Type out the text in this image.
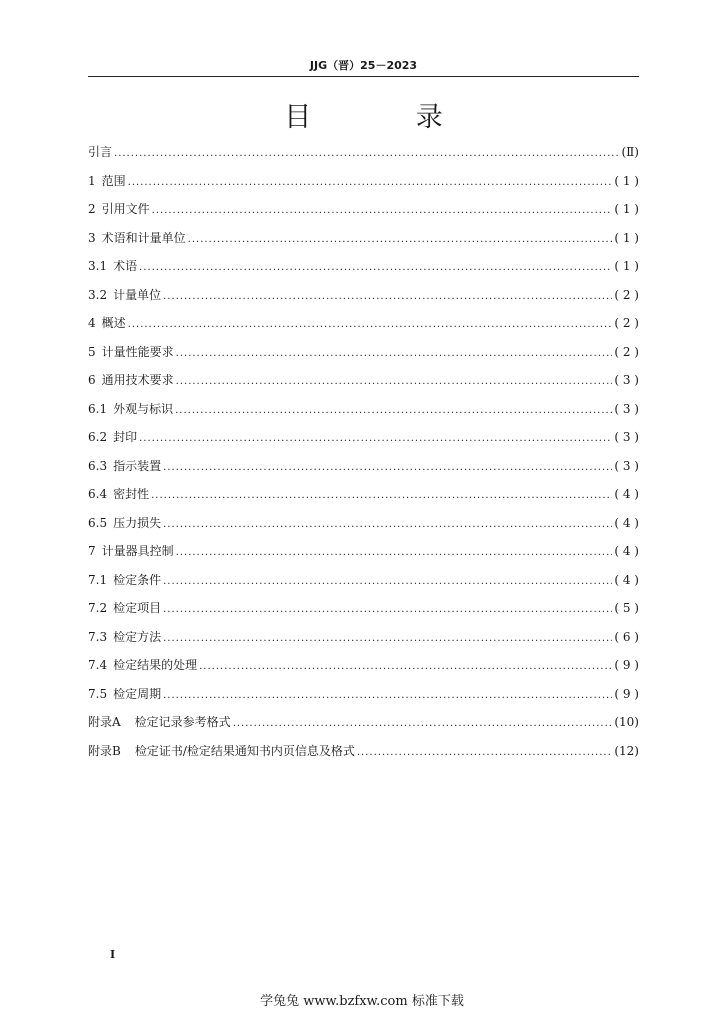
JJG（晋）25－2023
目 录
引言 .....	(Ⅱ)
1 范围 .....	( 1 )
2 引用文件 .....	( 1 )
3 术语和计量单位 .....	( 1 )
3.1 术语 .....	( 1 )
3.2 计量单位 .....	( 2 )
4 概述 .....	( 2 )
5 计量性能要求 .....	( 2 )
6 通用技术要求 .....	( 3 )
6.1 外观与标识 .....	( 3 )
6.2 封印 .....	( 3 )
6.3 指示装置 .....	( 3 )
6.4 密封性 .....	( 4 )
6.5 压力损失 .....	( 4 )
7 计量器具控制 .....	( 4 )
7.1 检定条件 .....	( 4 )
7.2 检定项目 .....	( 5 )
7.3 检定方法 .....	( 6 )
7.4 检定结果的处理 .....	( 9 )
7.5 检定周期 .....	( 9 )
附录A 检定记录参考格式 .....	(10)
附录B 检定证书/检定结果通知书内页信息及格式 .....	(12)
I
学兔兔 www.bzfxw.com 标准下载
